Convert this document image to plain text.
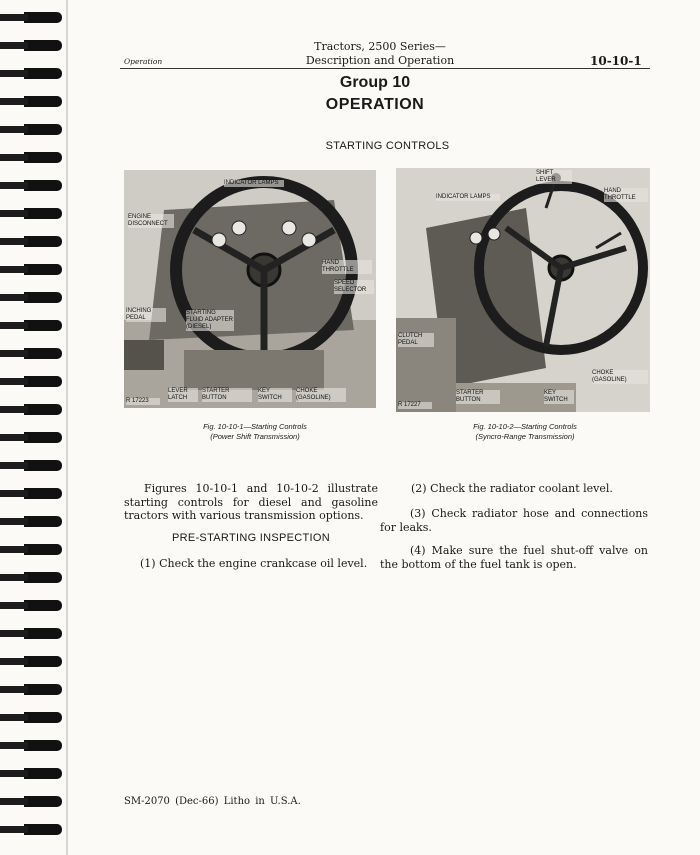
Operation
Tractors, 2500 Series—
Description and Operation	10-10-1
Group 10
OPERATION
STARTING CONTROLS
INDICATOR LAMPS
ENGINE DISCONNECT
HAND THROTTLE
SPEED SELECTOR
INCHING PEDAL
STARTING FLUID ADAPTER (DIESEL)
LEVER LATCH
STARTER BUTTON
KEY SWITCH
CHOKE (GASOLINE)
R 17223
Fig. 10-10-1—Starting Controls
(Power Shift Transmission)
SHIFT LEVER
INDICATOR LAMPS
HAND THROTTLE
CLUTCH PEDAL
CHOKE (GASOLINE)
STARTER BUTTON
KEY SWITCH
R 17227
Fig. 10-10-2—Starting Controls
(Syncro-Range Transmission)
Figures 10-10-1 and 10-10-2 illustrate starting controls for diesel and gasoline tractors with various transmission options.
PRE-STARTING INSPECTION
(1) Check the engine crankcase oil level.
(2) Check the radiator coolant level.
(3) Check radiator hose and connections for leaks.
(4) Make sure the fuel shut-off valve on the bottom of the fuel tank is open.
SM-2070 (Dec-66) Litho in U.S.A.
